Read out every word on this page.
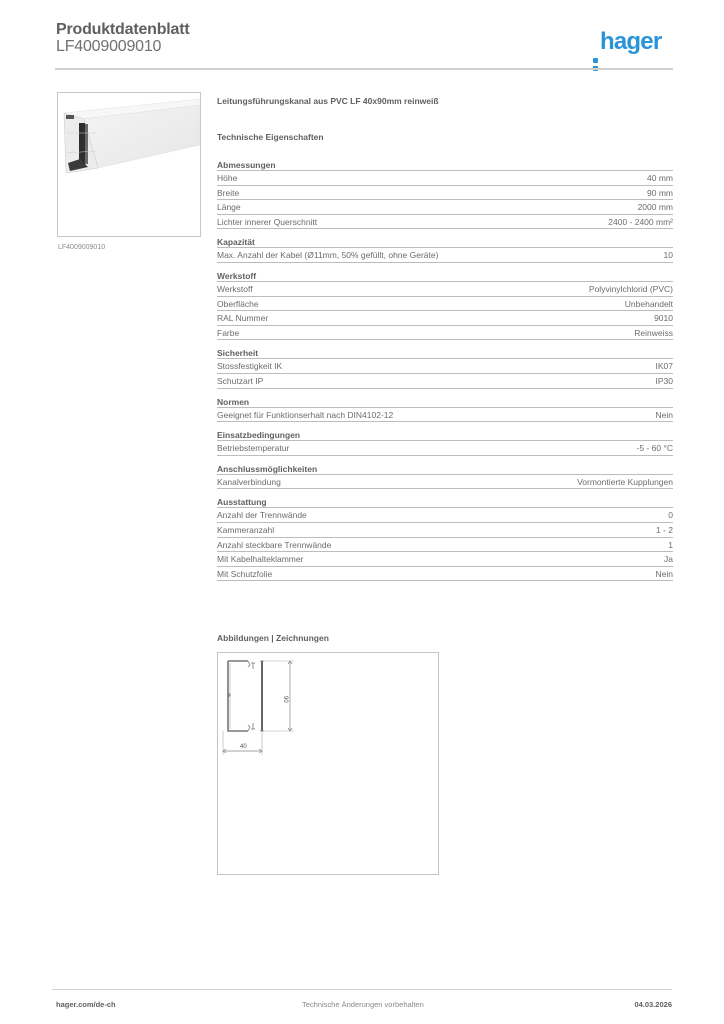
Produktdatenblatt
LF4009009010	hager
LF4009009010
Leitungsführungskanal aus PVC LF 40x90mm reinweiß
Technische Eigenschaften
Abmessungen
Höhe	40 mm
Breite	90 mm
Länge	2000 mm
Lichter innerer Querschnitt	2400 - 2400 mm²
Kapazität
Max. Anzahl der Kabel (Ø11mm, 50% gefüllt, ohne Geräte)	10
Werkstoff
Werkstoff	Polyvinylchlorid (PVC)
Oberfläche	Unbehandelt
RAL Nummer	9010
Farbe	Reinweiss
Sicherheit
Stossfestigkeit IK	IK07
Schutzart IP	IP30
Normen
Geeignet für Funktionserhalt nach DIN4102-12	Nein
Einsatzbedingungen
Betriebstemperatur	-5 - 60 °C
Anschlussmöglichkeiten
Kanalverbindung	Vormontierte Kupplungen
Ausstattung
Anzahl der Trennwände	0
Kammeranzahl	1 - 2
Anzahl steckbare Trennwände	1
Mit Kabelhalteklammer	Ja
Mit Schutzfolie	Nein
Abbildungen | Zeichnungen
90
40
hager.com/de-ch	Technische Änderungen vorbehalten	04.03.2026
